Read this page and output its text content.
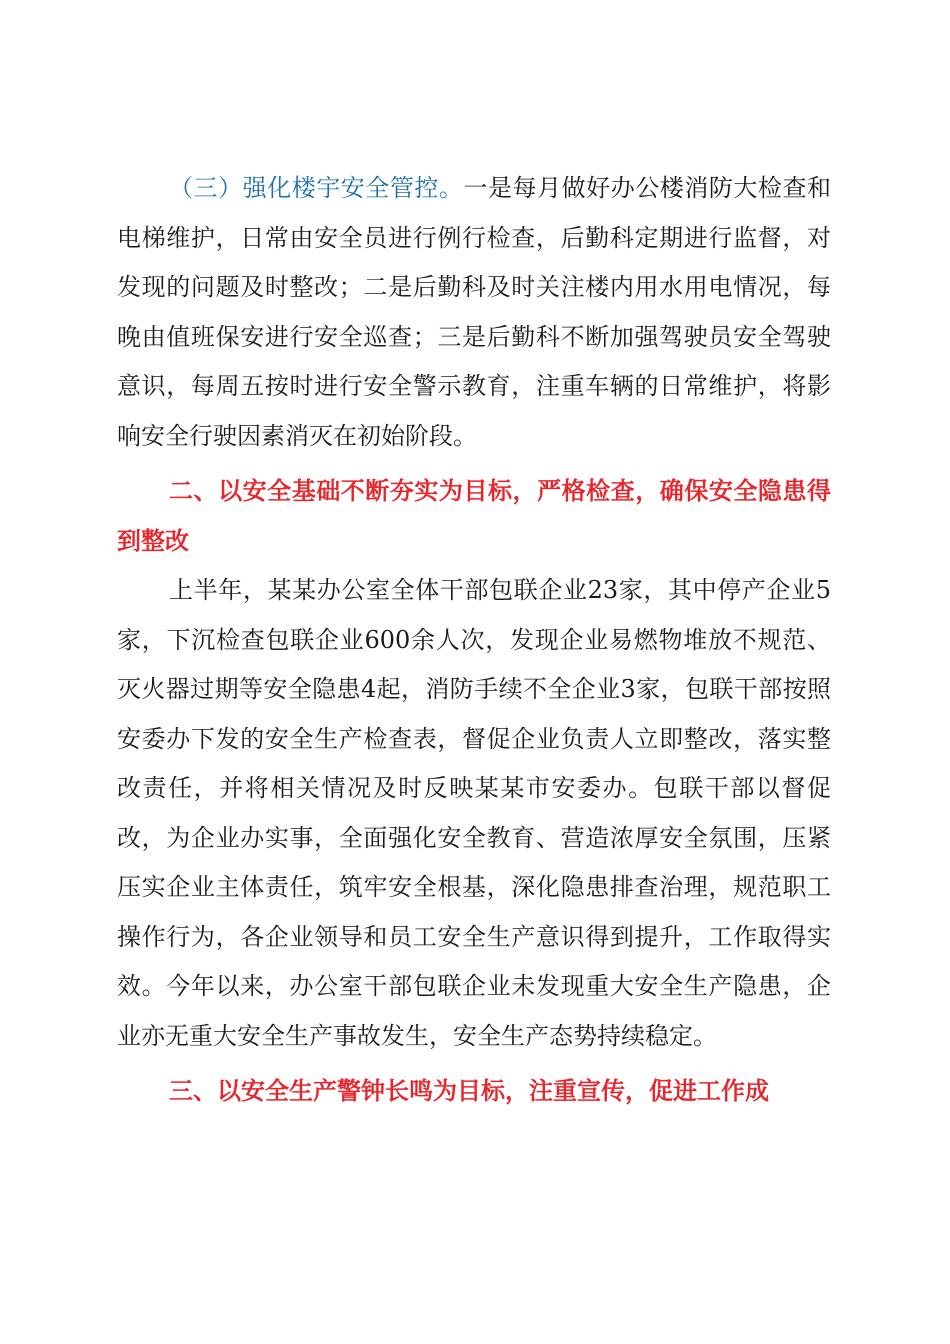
（三）强化楼宇安全管控。一是每月做好办公楼消防大检查和电梯维护，日常由安全员进行例行检查，后勤科定期进行监督，对发现的问题及时整改；二是后勤科及时关注楼内用水用电情况，每晚由值班保安进行安全巡查；三是后勤科不断加强驾驶员安全驾驶意识，每周五按时进行安全警示教育，注重车辆的日常维护，将影响安全行驶因素消灭在初始阶段。

二、以安全基础不断夯实为目标，严格检查，确保安全隐患得到整改

上半年，某某办公室全体干部包联企业23家，其中停产企业5家，下沉检查包联企业600余人次，发现企业易燃物堆放不规范、灭火器过期等安全隐患4起，消防手续不全企业3家，包联干部按照安委办下发的安全生产检查表，督促企业负责人立即整改，落实整改责任，并将相关情况及时反映某某市安委办。包联干部以督促改，为企业办实事，全面强化安全教育、营造浓厚安全氛围，压紧压实企业主体责任，筑牢安全根基，深化隐患排查治理，规范职工操作行为，各企业领导和员工安全生产意识得到提升，工作取得实效。今年以来，办公室干部包联企业未发现重大安全生产隐患，企业亦无重大安全生产事故发生，安全生产态势持续稳定。

三、以安全生产警钟长鸣为目标，注重宣传，促进工作成
